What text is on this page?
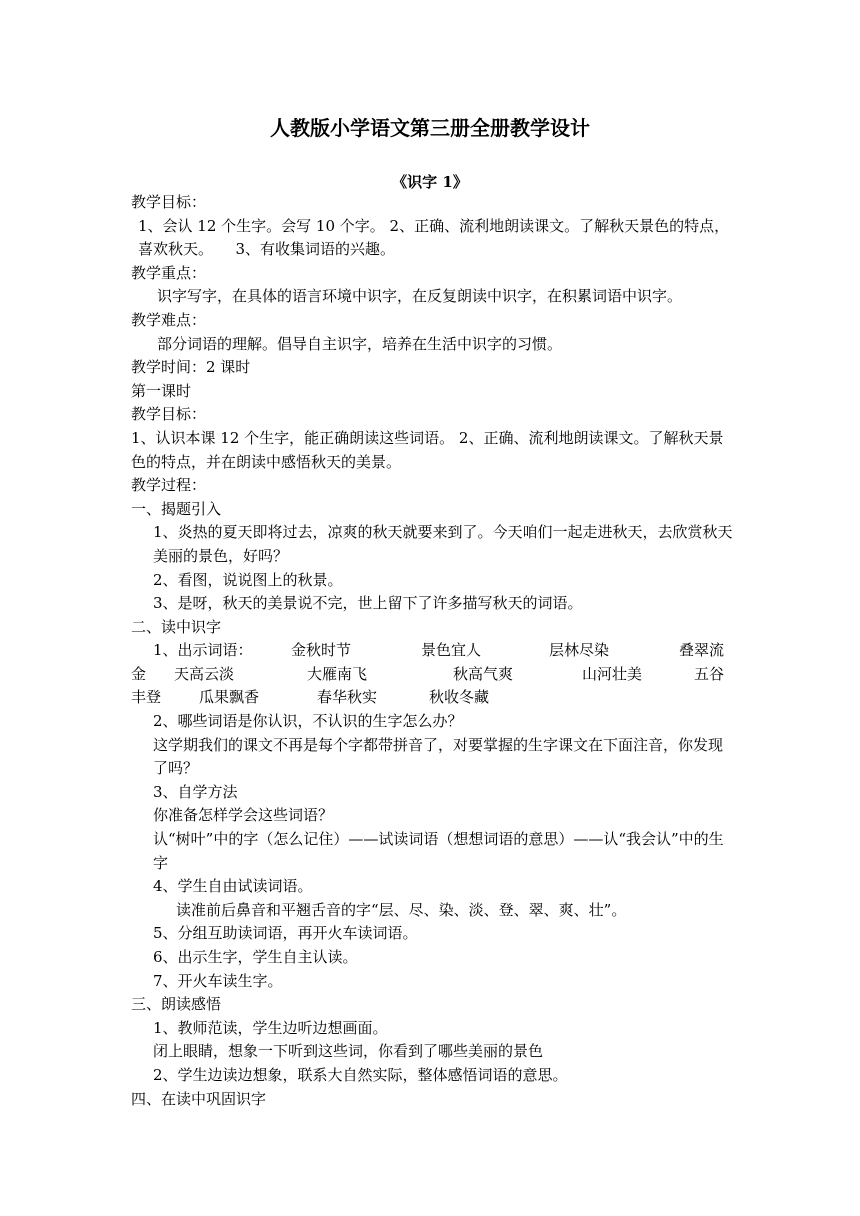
人教版小学语文第三册全册教学设计
《识字 1》

教学目标：

1、会认 12 个生字。会写 10 个字。 2、正确、流利地朗读课文。了解秋天景色的特点，喜欢秋天。　　3、有收集词语的兴趣。

教学重点：

识字写字，在具体的语言环境中识字，在反复朗读中识字，在积累词语中识字。

教学难点：

部分词语的理解。倡导自主识字，培养在生活中识字的习惯。

教学时间：2 课时

第一课时

教学目标：

1、认识本课 12 个生字，能正确朗读这些词语。 2、正确、流利地朗读课文。了解秋天景色的特点，并在朗读中感悟秋天的美景。

教学过程：

一、揭题引入

1、炎热的夏天即将过去，凉爽的秋天就要来到了。今天咱们一起走进秋天，去欣赏秋天美丽的景色，好吗？

2、看图，说说图上的秋景。

3、是呀，秋天的美景说不完，世上留下了许多描写秋天的词语。

二、读中识字

1、出示词语：	金秋时节	景色宜人	层林尽染	叠翠流
金	天高云淡	大雁南飞	秋高气爽	山河壮美	五谷
丰登	瓜果飘香	春华秋实	秋收冬藏

2、哪些词语是你认识，不认识的生字怎么办？

这学期我们的课文不再是每个字都带拼音了，对要掌握的生字课文在下面注音，你发现了吗？

3、自学方法

你准备怎样学会这些词语？

认“树叶”中的字（怎么记住）——试读词语（想想词语的意思）——认“我会认”中的生字

4、学生自由试读词语。

读准前后鼻音和平翘舌音的字“层、尽、染、淡、登、翠、爽、壮”。

5、分组互助读词语，再开火车读词语。

6、出示生字，学生自主认读。

7、开火车读生字。

三、朗读感悟

1、教师范读，学生边听边想画面。

闭上眼睛，想象一下听到这些词，你看到了哪些美丽的景色

2、学生边读边想象，联系大自然实际，整体感悟词语的意思。

四、在读中巩固识字
